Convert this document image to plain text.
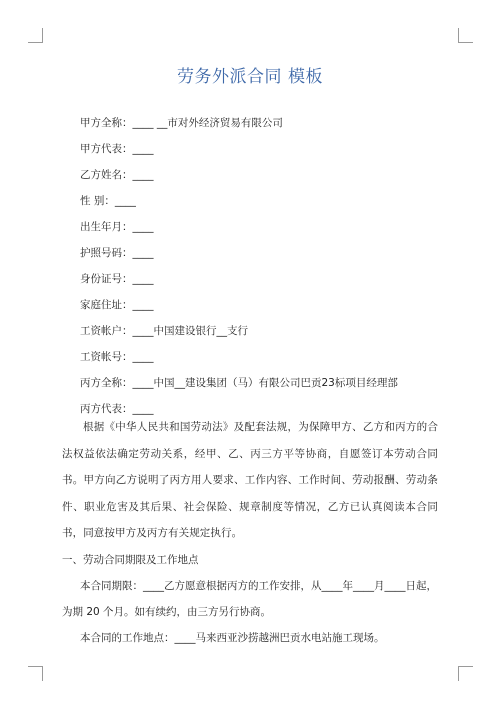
劳务外派合同 模板
甲方全称：____ __市对外经济贸易有限公司
甲方代表：____
乙方姓名：____
性 别：____
出生年月：____
护照号码：____
身份证号：____
家庭住址：____
工资帐户：____中国建设银行__支行
工资帐号：____
丙方全称：____中国__建设集团（马）有限公司巴贡23标项目经理部
丙方代表：____

根据《中华人民共和国劳动法》及配套法规，为保障甲方、乙方和丙方的合法权益依法确定劳动关系，经甲、乙、丙三方平等协商，自愿签订本劳动合同书。甲方向乙方说明了丙方用人要求、工作内容、工作时间、劳动报酬、劳动条件、职业危害及其后果、社会保险、规章制度等情况，乙方已认真阅读本合同书，同意按甲方及丙方有关规定执行。

一、劳动合同期限及工作地点
本合同期限：____乙方愿意根据丙方的工作安排，从____年____月____日起，
为期 20 个月。如有续约，由三方另行协商。
本合同的工作地点：____马来西亚沙捞越洲巴贡水电站施工现场。
